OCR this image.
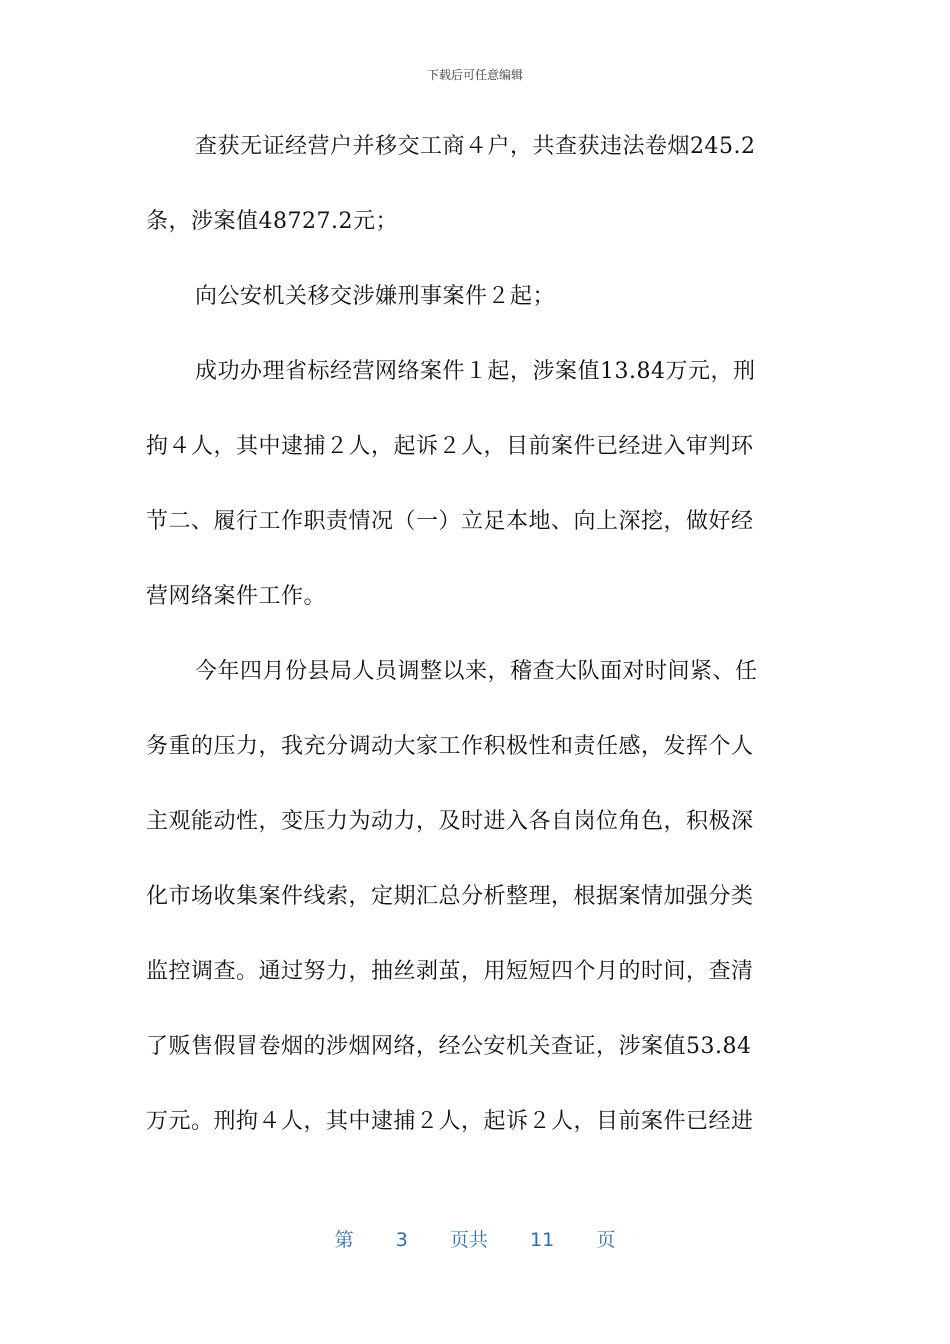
下载后可任意编辑
查获无证经营户并移交工商４户，共查获违法卷烟245.2
条，涉案值48727.2元；
向公安机关移交涉嫌刑事案件２起；
成功办理省标经营网络案件１起，涉案值13.84万元，刑
拘４人，其中逮捕２人，起诉２人，目前案件已经进入审判环
节二、履行工作职责情况（一）立足本地、向上深挖，做好经
营网络案件工作。
今年四月份县局人员调整以来，稽查大队面对时间紧、任
务重的压力，我充分调动大家工作积极性和责任感，发挥个人
主观能动性，变压力为动力，及时进入各自岗位角色，积极深
化市场收集案件线索，定期汇总分析整理，根据案情加强分类
监控调查。通过努力，抽丝剥茧，用短短四个月的时间，查清
了贩售假冒卷烟的涉烟网络，经公安机关查证，涉案值53.84
万元。刑拘４人，其中逮捕２人，起诉２人，目前案件已经进
第 3 页共 11 页
